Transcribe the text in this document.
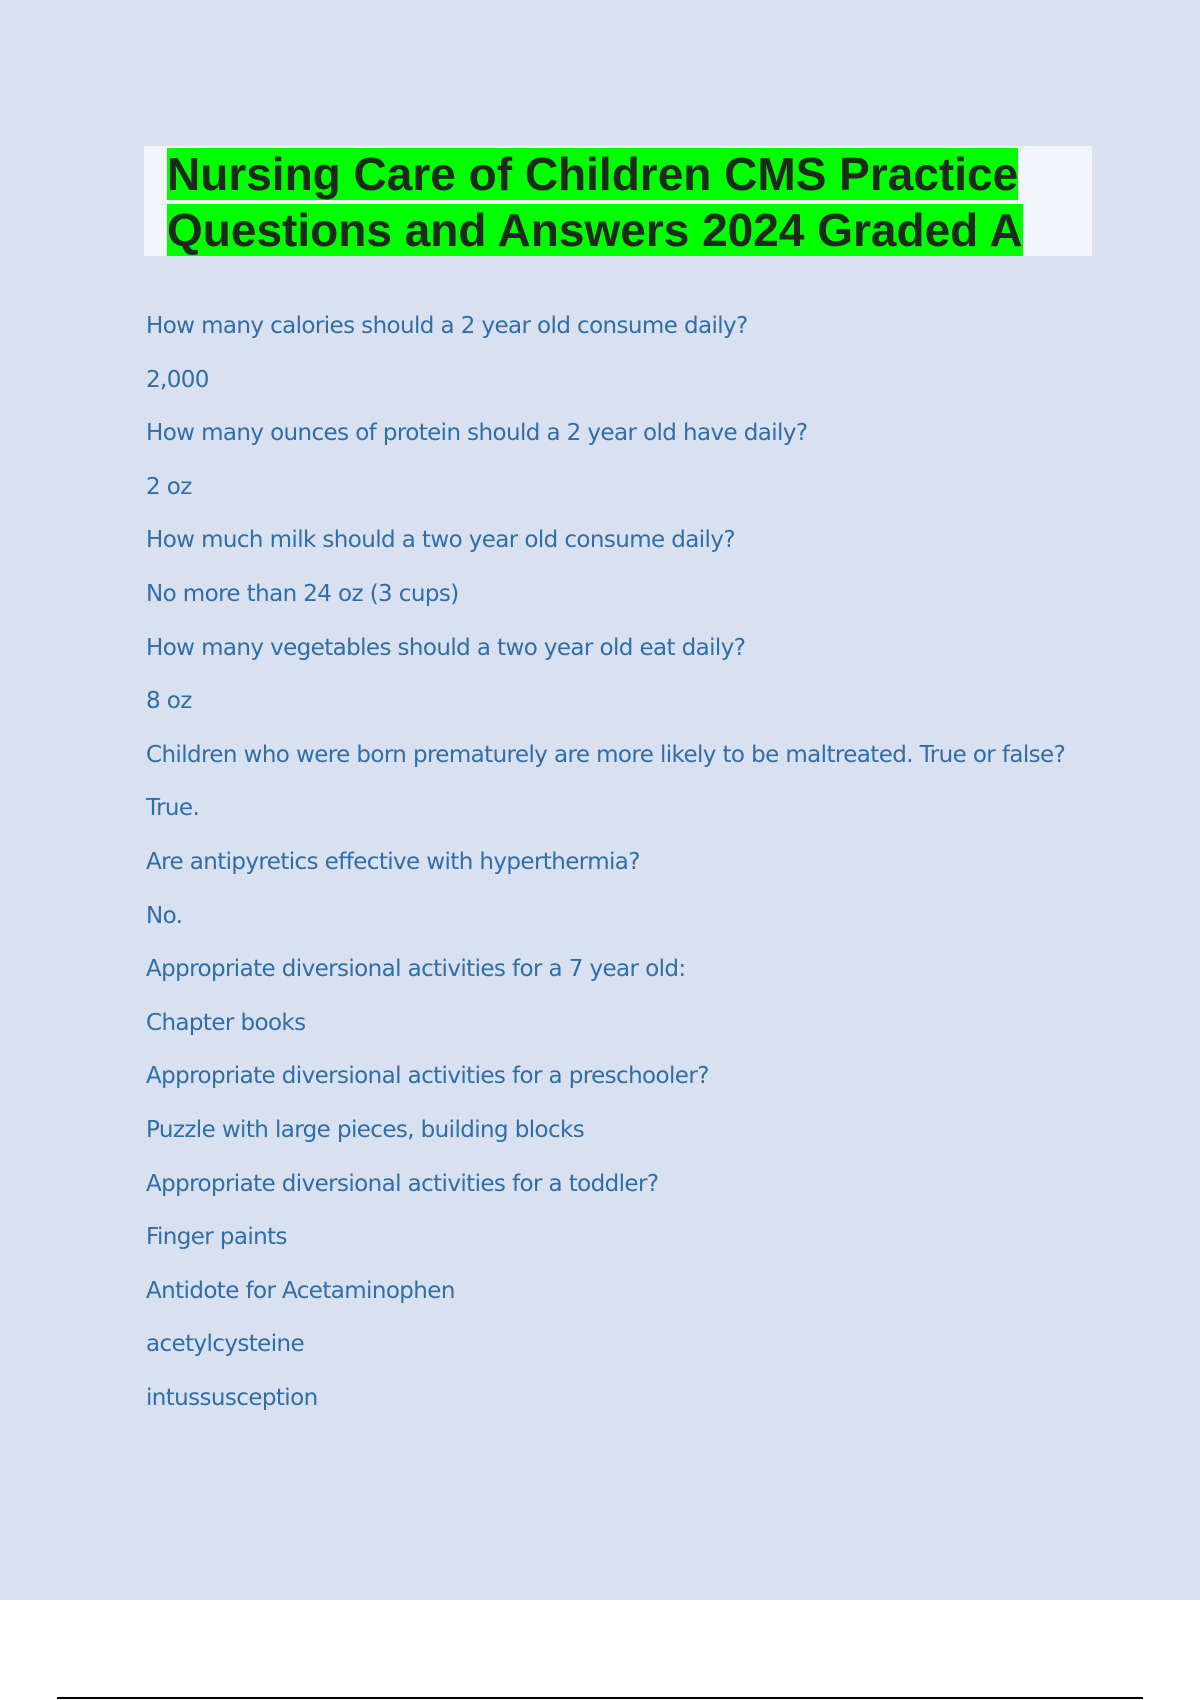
Nursing Care of Children CMS Practice Questions and Answers 2024 Graded A
How many calories should a 2 year old consume daily?
2,000
How many ounces of protein should a 2 year old have daily?
2 oz
How much milk should a two year old consume daily?
No more than 24 oz (3 cups)
How many vegetables should a two year old eat daily?
8 oz
Children who were born prematurely are more likely to be maltreated. True or false?
True.
Are antipyretics effective with hyperthermia?
No.
Appropriate diversional activities for a 7 year old:
Chapter books
Appropriate diversional activities for a preschooler?
Puzzle with large pieces, building blocks
Appropriate diversional activities for a toddler?
Finger paints
Antidote for Acetaminophen
acetylcysteine
intussusception
